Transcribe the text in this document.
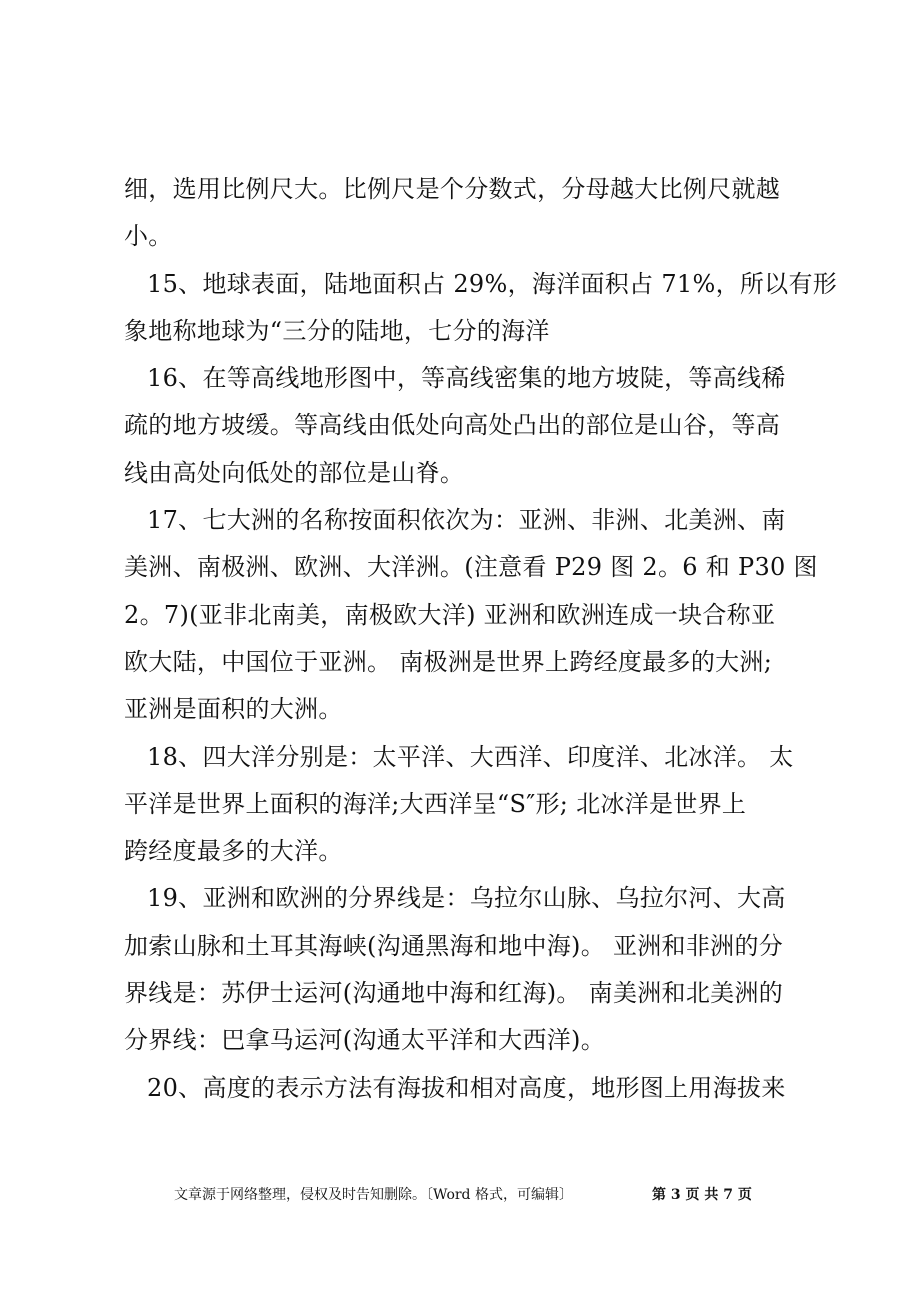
细，选用比例尺大。比例尺是个分数式，分母越大比例尺就越
小。
15、地球表面，陆地面积占 29%，海洋面积占 71%，所以有形
象地称地球为“三分的陆地，七分的海洋
16、在等高线地形图中，等高线密集的地方坡陡，等高线稀
疏的地方坡缓。等高线由低处向高处凸出的部位是山谷，等高
线由高处向低处的部位是山脊。
17、七大洲的名称按面积依次为：亚洲、非洲、北美洲、南
美洲、南极洲、欧洲、大洋洲。(注意看 P29 图 2。6 和 P30 图
2。7)(亚非北南美，南极欧大洋) 亚洲和欧洲连成一块合称亚
欧大陆，中国位于亚洲。 南极洲是世界上跨经度最多的大洲;
亚洲是面积的大洲。
18、四大洋分别是：太平洋、大西洋、印度洋、北冰洋。 太
平洋是世界上面积的海洋;大西洋呈“S″形; 北冰洋是世界上
跨经度最多的大洋。
19、亚洲和欧洲的分界线是：乌拉尔山脉、乌拉尔河、大高
加索山脉和土耳其海峡(沟通黑海和地中海)。 亚洲和非洲的分
界线是：苏伊士运河(沟通地中海和红海)。 南美洲和北美洲的
分界线：巴拿马运河(沟通太平洋和大西洋)。
20、高度的表示方法有海拔和相对高度，地形图上用海拔来
文章源于网络整理，侵权及时告知删除。〔Word 格式，可编辑〕	第 3 页 共 7 页
